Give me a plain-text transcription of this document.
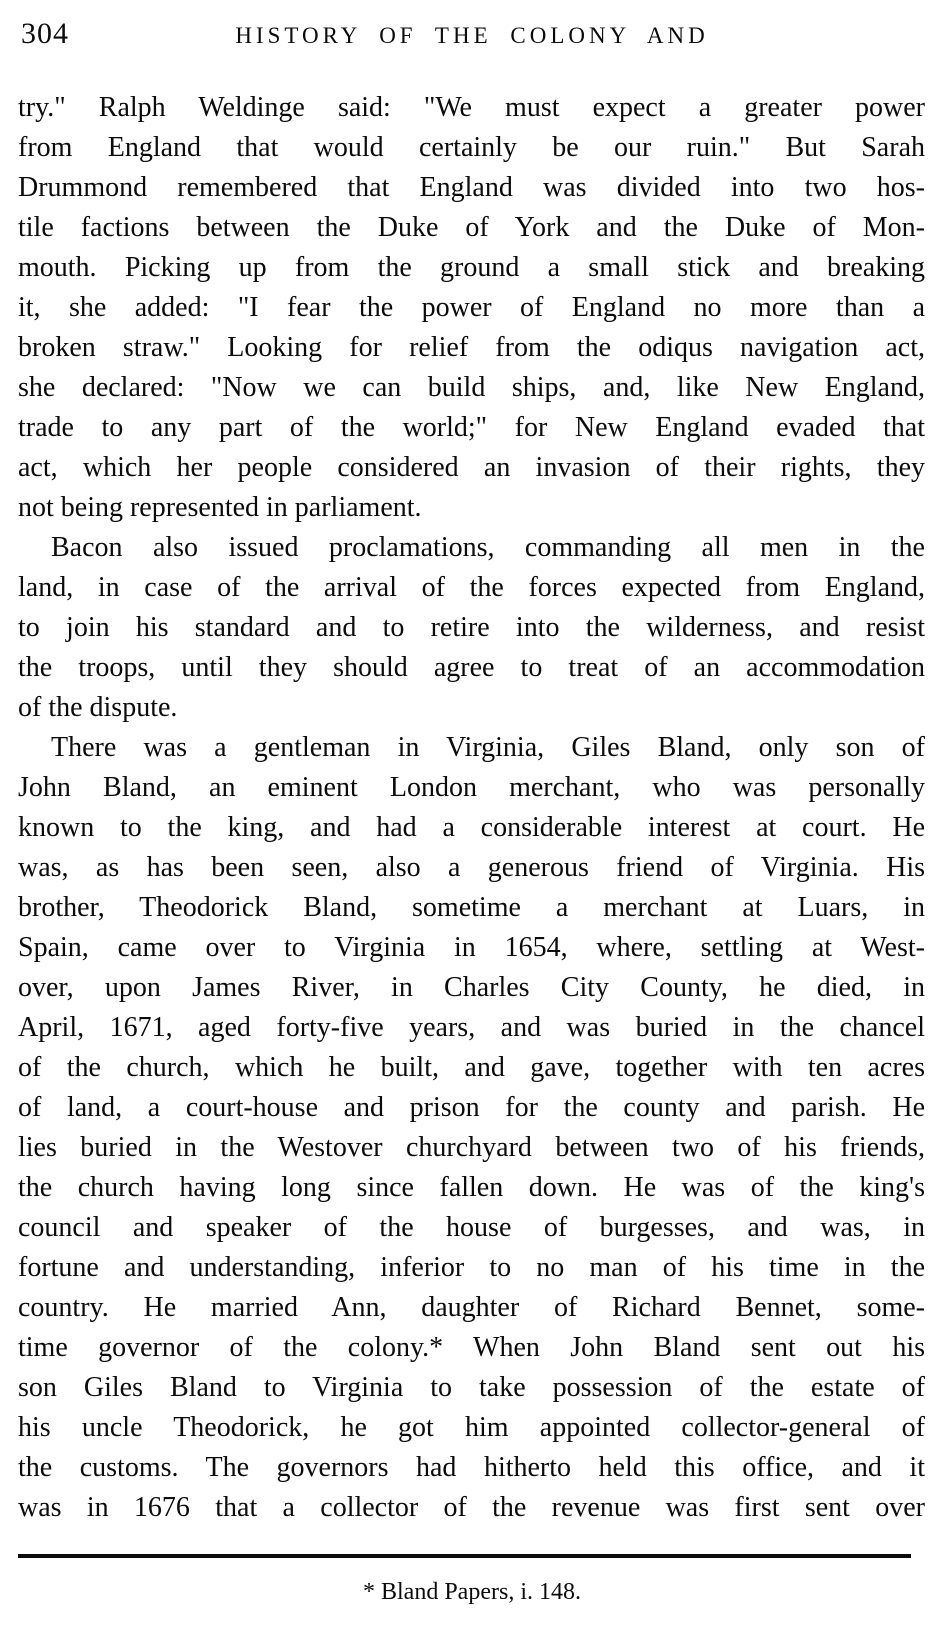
304	HISTORY OF THE COLONY AND
try." Ralph Weldinge said: "We must expect a greater power
from England that would certainly be our ruin." But Sarah
Drummond remembered that England was divided into two hos-
tile factions between the Duke of York and the Duke of Mon-
mouth. Picking up from the ground a small stick and breaking
it, she added: "I fear the power of England no more than a
broken straw." Looking for relief from the odiqus navigation act,
she declared: "Now we can build ships, and, like New England,
trade to any part of the world;" for New England evaded that
act, which her people considered an invasion of their rights, they
not being represented in parliament.
Bacon also issued proclamations, commanding all men in the
land, in case of the arrival of the forces expected from England,
to join his standard and to retire into the wilderness, and resist
the troops, until they should agree to treat of an accommodation
of the dispute.
There was a gentleman in Virginia, Giles Bland, only son of
John Bland, an eminent London merchant, who was personally
known to the king, and had a considerable interest at court. He
was, as has been seen, also a generous friend of Virginia. His
brother, Theodorick Bland, sometime a merchant at Luars, in
Spain, came over to Virginia in 1654, where, settling at West-
over, upon James River, in Charles City County, he died, in
April, 1671, aged forty-five years, and was buried in the chancel
of the church, which he built, and gave, together with ten acres
of land, a court-house and prison for the county and parish. He
lies buried in the Westover churchyard between two of his friends,
the church having long since fallen down. He was of the king's
council and speaker of the house of burgesses, and was, in
fortune and understanding, inferior to no man of his time in the
country. He married Ann, daughter of Richard Bennet, some-
time governor of the colony.* When John Bland sent out his
son Giles Bland to Virginia to take possession of the estate of
his uncle Theodorick, he got him appointed collector-general of
the customs. The governors had hitherto held this office, and it
was in 1676 that a collector of the revenue was first sent over
* Bland Papers, i. 148.
